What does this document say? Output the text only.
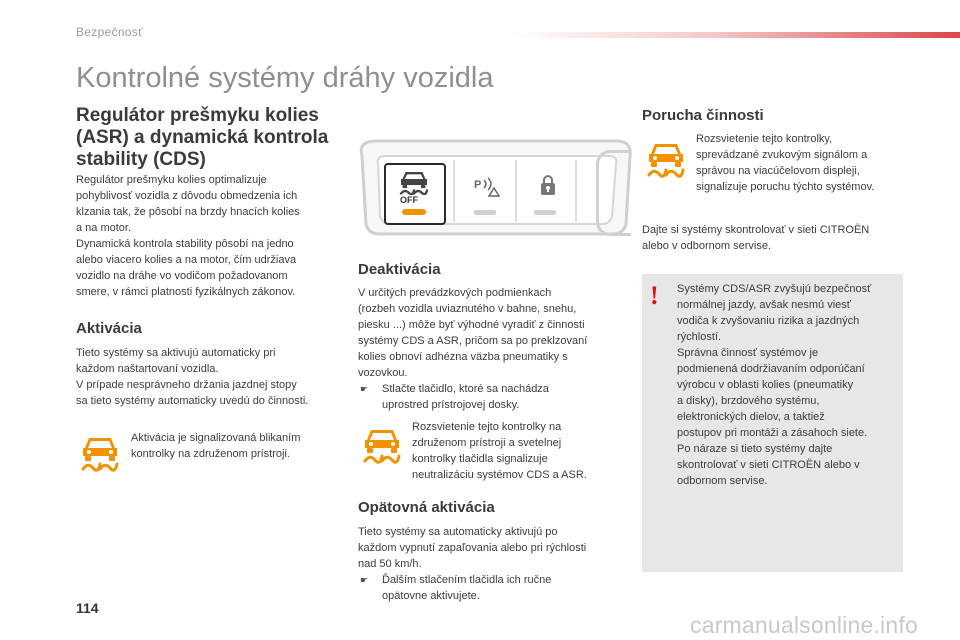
Bezpečnosť
Kontrolné systémy dráhy vozidla
Regulátor prešmyku kolies
(ASR) a dynamická kontrola
stability (CDS)
Regulátor prešmyku kolies optimalizuje
pohyblivosť vozidla z dôvodu obmedzenia ich
klzania tak, že pôsobí na brzdy hnacích kolies
a na motor.
Dynamická kontrola stability pôsobí na jedno
alebo viacero kolies a na motor, čím udržiava
vozidlo na dráhe vo vodičom požadovanom
smere, v rámci platnosti fyzikálnych zákonov.
Aktivácia
Tieto systémy sa aktivujú automaticky pri
každom naštartovaní vozidla.
V prípade nesprávneho držania jazdnej stopy
sa tieto systémy automaticky uvedú do činnosti.
Aktivácia je signalizovaná blikaním
kontrolky na združenom prístroji.
OFF
P
Deaktivácia
V určitých prevádzkových podmienkach
(rozbeh vozidla uviaznutého v bahne, snehu,
piesku ...) môže byť výhodné vyradiť z činnosti
systémy CDS a ASR, pričom sa po preklzovaní
kolies obnoví adhézna väzba pneumatiky s
vozovkou.
☛ Stlačte tlačidlo, ktoré sa nachádza
uprostred prístrojovej dosky.
Rozsvietenie tejto kontrolky na
združenom prístroji a svetelnej
kontrolky tlačidla signalizuje
neutralizáciu systémov CDS a ASR.
Opätovná aktivácia
Tieto systémy sa automaticky aktivujú po
každom vypnutí zapaľovania alebo pri rýchlosti
nad 50 km/h.
☛ Ďalším stlačením tlačidla ich ručne
opätovne aktivujete.
Porucha činnosti
Rozsvietenie tejto kontrolky,
sprevádzané zvukovým signálom a
správou na viacúčelovom displeji,
signalizuje poruchu týchto systémov.
Dajte si systémy skontrolovať v sieti CITROËN
alebo v odbornom servise.
! Systémy CDS/ASR zvyšujú bezpečnosť
normálnej jazdy, avšak nesmú viesť
vodiča k zvyšovaniu rizika a jazdných
rýchlostí.
Správna činnosť systémov je
podmienená dodržiavaním odporúčaní
výrobcu v oblasti kolies (pneumatiky
a disky), brzdového systému,
elektronických dielov, a taktiež
postupov pri montáži a zásahoch siete.
Po náraze si tieto systémy dajte
skontrolovať v sieti CITROËN alebo v
odbornom servise.
114
carmanualsonline.info
